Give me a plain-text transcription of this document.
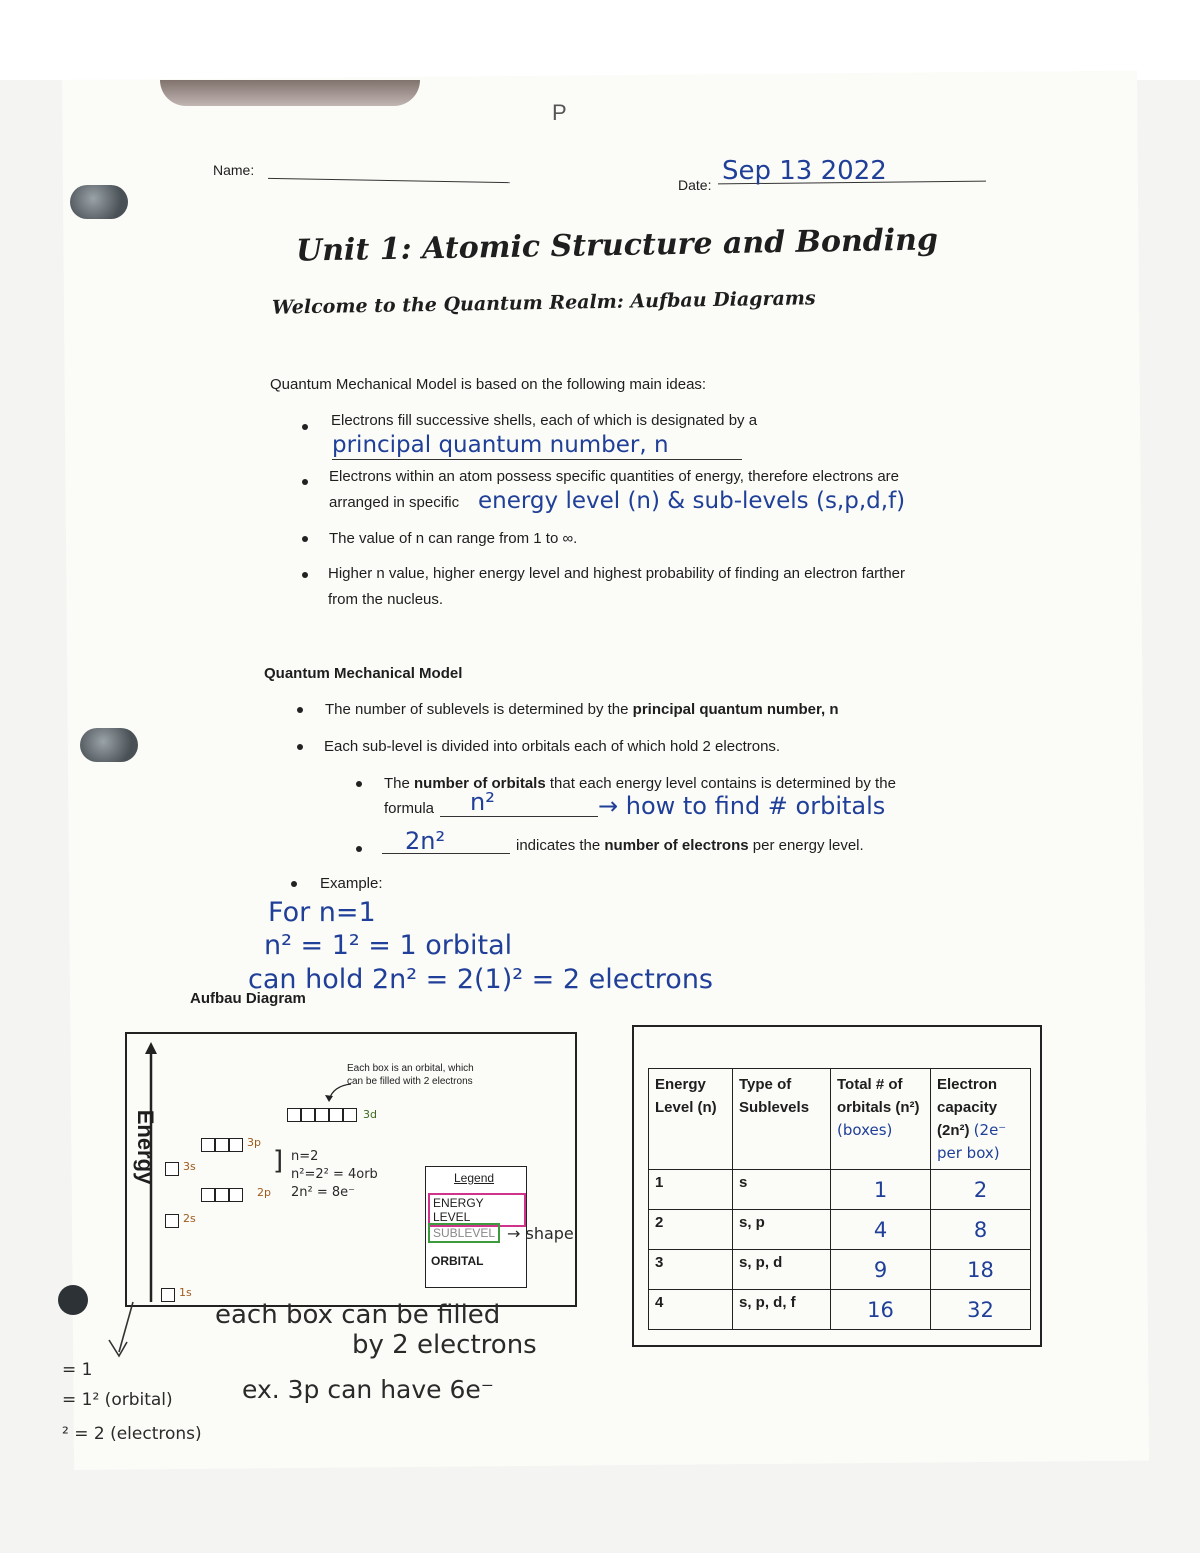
P
Name:
Date: Sep 13 2022
Unit 1: Atomic Structure and Bonding
Welcome to the Quantum Realm: Aufbau Diagrams
Quantum Mechanical Model is based on the following main ideas:
Electrons fill successive shells, each of which is designated by a
principal quantum number, n
Electrons within an atom possess specific quantities of energy, therefore electrons are
arranged in specific energy level (n) & sub-levels (s,p,d,f)
The value of n can range from 1 to ∞.
Higher n value, higher energy level and highest probability of finding an electron farther
from the nucleus.
Quantum Mechanical Model
The number of sublevels is determined by the principal quantum number, n
Each sub-level is divided into orbitals each of which hold 2 electrons.
The number of orbitals that each energy level contains is determined by the
formula n²	→ how to find # orbitals
2n²	indicates the number of electrons per energy level.
Example:
For n=1
n² = 1² = 1 orbital
can hold 2n² = 2(1)² = 2 electrons
Aufbau Diagram
Energy
Each box is an orbital, which
can be filled with 2 electrons
3d
3p
3s
2p
2s
1s
] n=2
n²=2² = 4orb
2n² = 8e⁻
Legend
ENERGY LEVEL
SUBLEVEL
ORBITAL
→ shape
Energy Level (n)	Type of Sublevels	Total # of orbitals (n²) (boxes)	Electron capacity (2n²) (2e⁻ per box)
1	s	1	2
2	s, p	4	8
3	s, p, d	9	18
4	s, p, d, f	16	32
each box can be filled
by 2 electrons
ex. 3p can have 6e⁻
= 1
= 1² (orbital)
² = 2 (electrons)
